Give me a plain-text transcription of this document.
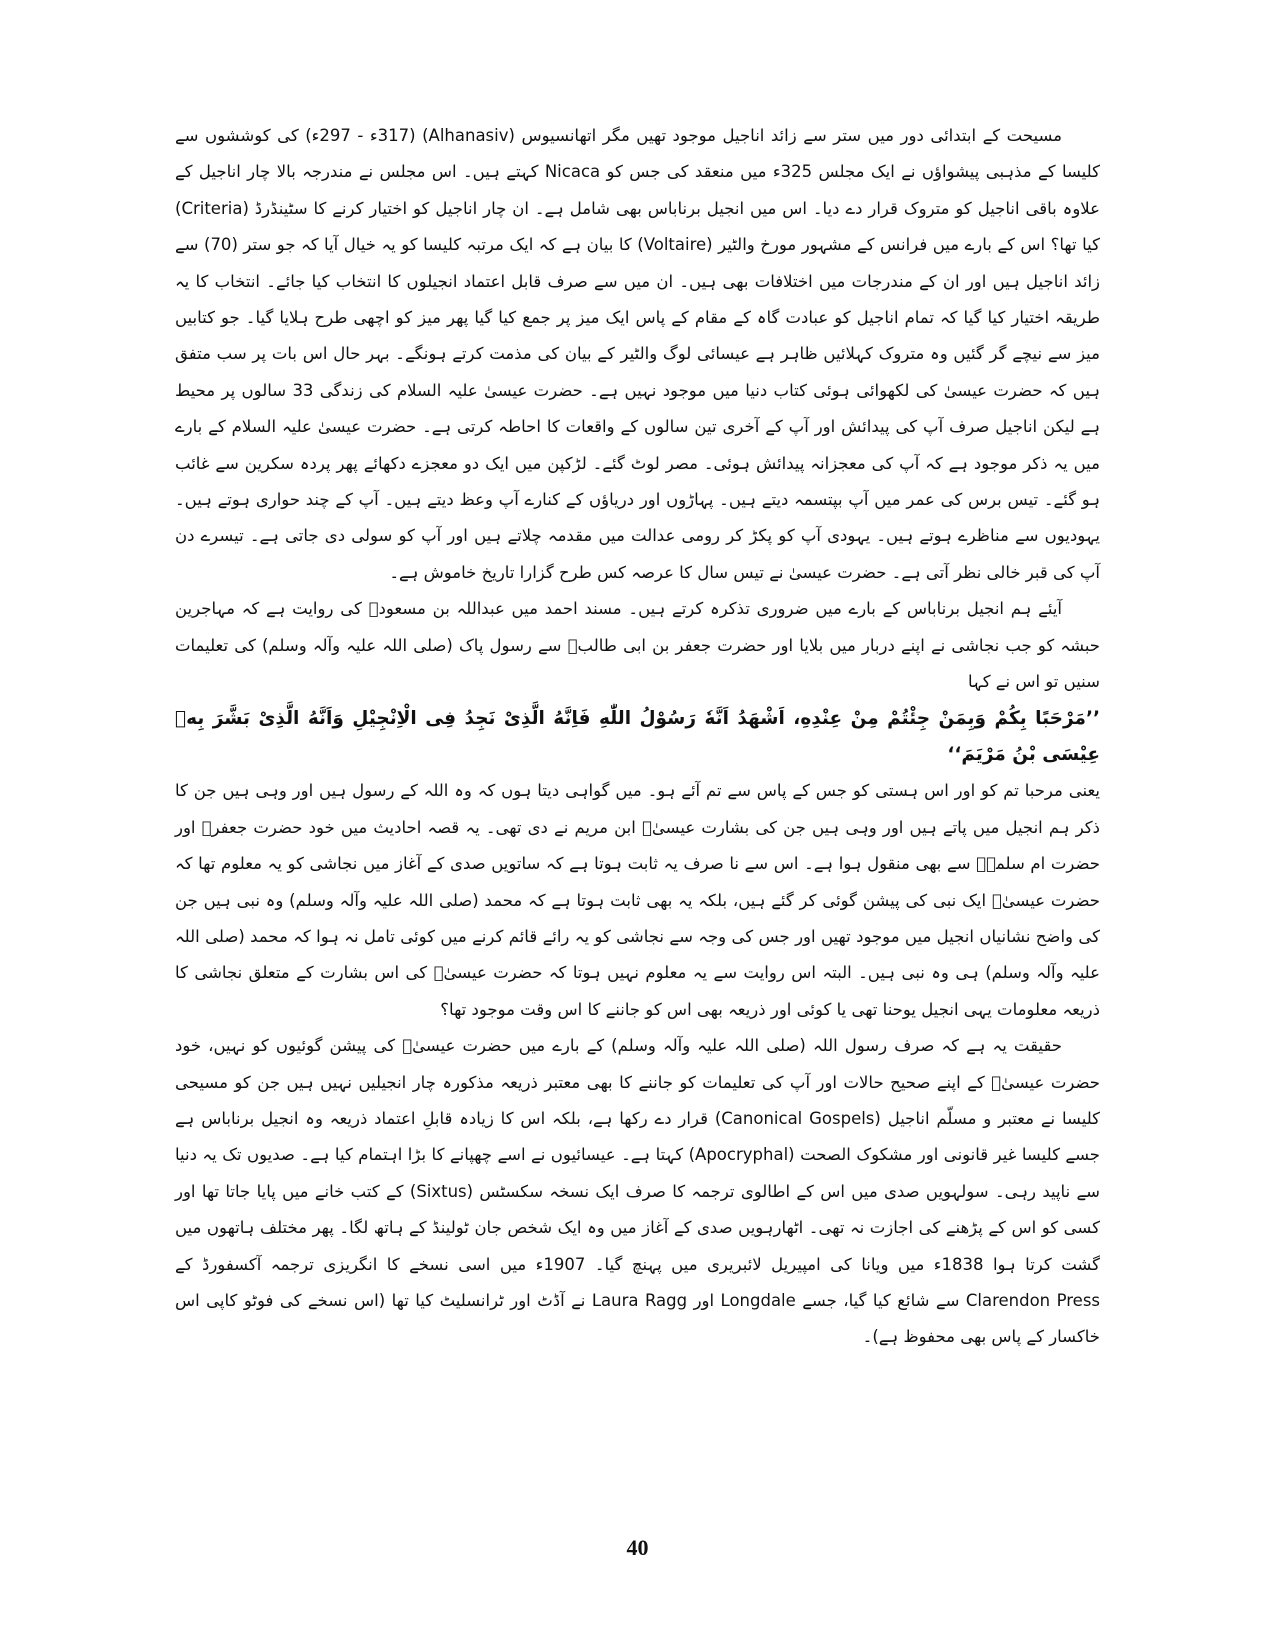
مسیحت کے ابتدائی دور میں ستر سے زائد اناجیل موجود تھیں مگر اتھانسیوس (Alhanasiv) (317ء - 297ء) کی کوششوں سے کلیسا کے مذہبی پیشواؤں نے ایک مجلس 325ء میں منعقد کی جس کو Nicaca کہتے ہیں۔ اس مجلس نے مندرجہ بالا چار اناجیل کے علاوہ باقی اناجیل کو متروک قرار دے دیا۔ اس میں انجیل برناباس بھی شامل ہے۔ ان چار اناجیل کو اختیار کرنے کا سٹینڈرڈ (Criteria) کیا تھا؟ اس کے بارے میں فرانس کے مشہور مورخ والٹیر (Voltaire) کا بیان ہے کہ ایک مرتبہ کلیسا کو یہ خیال آیا کہ جو ستر (70) سے زائد اناجیل ہیں اور ان کے مندرجات میں اختلافات بھی ہیں۔ ان میں سے صرف قابل اعتماد انجیلوں کا انتخاب کیا جائے۔ انتخاب کا یہ طریقہ اختیار کیا گیا کہ تمام اناجیل کو عبادت گاہ کے مقام کے پاس ایک میز پر جمع کیا گیا پھر میز کو اچھی طرح ہلایا گیا۔ جو کتابیں میز سے نیچے گر گئیں وہ متروک کہلائیں ظاہر ہے عیسائی لوگ والٹیر کے بیان کی مذمت کرتے ہونگے۔ بہر حال اس بات پر سب متفق ہیں کہ حضرت عیسیٰ کی لکھوائی ہوئی کتاب دنیا میں موجود نہیں ہے۔ حضرت عیسیٰ علیہ السلام کی زندگی 33 سالوں پر محیط ہے لیکن اناجیل صرف آپ کی پیدائش اور آپ کے آخری تین سالوں کے واقعات کا احاطہ کرتی ہے۔ حضرت عیسیٰ علیہ السلام کے بارے میں یہ ذکر موجود ہے کہ آپ کی معجزانہ پیدائش ہوئی۔ مصر لوٹ گئے۔ لڑکپن میں ایک دو معجزے دکھائے پھر پردہ سکرین سے غائب ہو گئے۔ تیس برس کی عمر میں آپ بپتسمہ دیتے ہیں۔ پہاڑوں اور دریاؤں کے کنارے آپ وعظ دیتے ہیں۔ آپ کے چند حواری ہوتے ہیں۔ یہودیوں سے مناظرے ہوتے ہیں۔ یہودی آپ کو پکڑ کر رومی عدالت میں مقدمہ چلاتے ہیں اور آپ کو سولی دی جاتی ہے۔ تیسرے دن آپ کی قبر خالی نظر آتی ہے۔ حضرت عیسیٰ نے تیس سال کا عرصہ کس طرح گزارا تاریخ خاموش ہے۔

آیئے ہم انجیل برناباس کے بارے میں ضروری تذکرہ کرتے ہیں۔ مسند احمد میں عبداللہ بن مسعودؓ کی روایت ہے کہ مہاجرین حبشہ کو جب نجاشی نے اپنے دربار میں بلایا اور حضرت جعفر بن ابی طالبؓ سے رسول پاک (صلی اللہ علیہ وآلہ وسلم) کی تعلیمات سنیں تو اس نے کہا

’’مَرْحَبًا بِكُمْ وَبِمَنْ جِئْتُمْ مِنْ عِنْدِهِ، اَشْهَدُ اَنَّهٗ رَسُوْلُ اللّٰهِ فَاِنَّهُ الَّذِیْ نَجِدُ فِی الْاِنْجِیْلِ وَاَنَّهُ الَّذِیْ بَشَّرَ بِهٖ عِیْسَی بْنُ مَرْیَمَ‘‘

یعنی مرحبا تم کو اور اس ہستی کو جس کے پاس سے تم آئے ہو۔ میں گواہی دیتا ہوں کہ وہ اللہ کے رسول ہیں اور وہی ہیں جن کا ذکر ہم انجیل میں پاتے ہیں اور وہی ہیں جن کی بشارت عیسیٰؑ ابن مریم نے دی تھی۔ یہ قصہ احادیث میں خود حضرت جعفرؓ اور حضرت ام سلمہؓ سے بھی منقول ہوا ہے۔ اس سے نا صرف یہ ثابت ہوتا ہے کہ ساتویں صدی کے آغاز میں نجاشی کو یہ معلوم تھا کہ حضرت عیسیٰؑ ایک نبی کی پیشن گوئی کر گئے ہیں، بلکہ یہ بھی ثابت ہوتا ہے کہ محمد (صلی اللہ علیہ وآلہ وسلم) وہ نبی ہیں جن کی واضح نشانیاں انجیل میں موجود تھیں اور جس کی وجہ سے نجاشی کو یہ رائے قائم کرنے میں کوئی تامل نہ ہوا کہ محمد (صلی اللہ علیہ وآلہ وسلم) ہی وہ نبی ہیں۔ البتہ اس روایت سے یہ معلوم نہیں ہوتا کہ حضرت عیسیٰؑ کی اس بشارت کے متعلق نجاشی کا ذریعہ معلومات یہی انجیل یوحنا تھی یا کوئی اور ذریعہ بھی اس کو جاننے کا اس وقت موجود تھا؟

حقیقت یہ ہے کہ صرف رسول اللہ (صلی اللہ علیہ وآلہ وسلم) کے بارے میں حضرت عیسیٰؑ کی پیشن گوئیوں کو نہیں، خود حضرت عیسیٰؑ کے اپنے صحیح حالات اور آپ کی تعلیمات کو جاننے کا بھی معتبر ذریعہ مذکورہ چار انجیلیں نہیں ہیں جن کو مسیحی کلیسا نے معتبر و مسلّم اناجیل (Canonical Gospels) قرار دے رکھا ہے، بلکہ اس کا زیادہ قابلِ اعتماد ذریعہ وہ انجیل برناباس ہے جسے کلیسا غیر قانونی اور مشکوک الصحت (Apocryphal) کہتا ہے۔ عیسائیوں نے اسے چھپانے کا بڑا اہتمام کیا ہے۔ صدیوں تک یہ دنیا سے ناپید رہی۔ سولہویں صدی میں اس کے اطالوی ترجمہ کا صرف ایک نسخہ سکسٹس (Sixtus) کے کتب خانے میں پایا جاتا تھا اور کسی کو اس کے پڑھنے کی اجازت نہ تھی۔ اٹھارہویں صدی کے آغاز میں وہ ایک شخص جان ٹولینڈ کے ہاتھ لگا۔ پھر مختلف ہاتھوں میں گشت کرتا ہوا 1838ء میں ویانا کی امپیریل لائبریری میں پہنچ گیا۔ 1907ء میں اسی نسخے کا انگریزی ترجمہ آکسفورڈ کے Clarendon Press سے شائع کیا گیا، جسے Longdale اور Laura Ragg نے آڈٹ اور ٹرانسلیٹ کیا تھا (اس نسخے کی فوٹو کاپی اس خاکسار کے پاس بھی محفوظ ہے)۔

40
